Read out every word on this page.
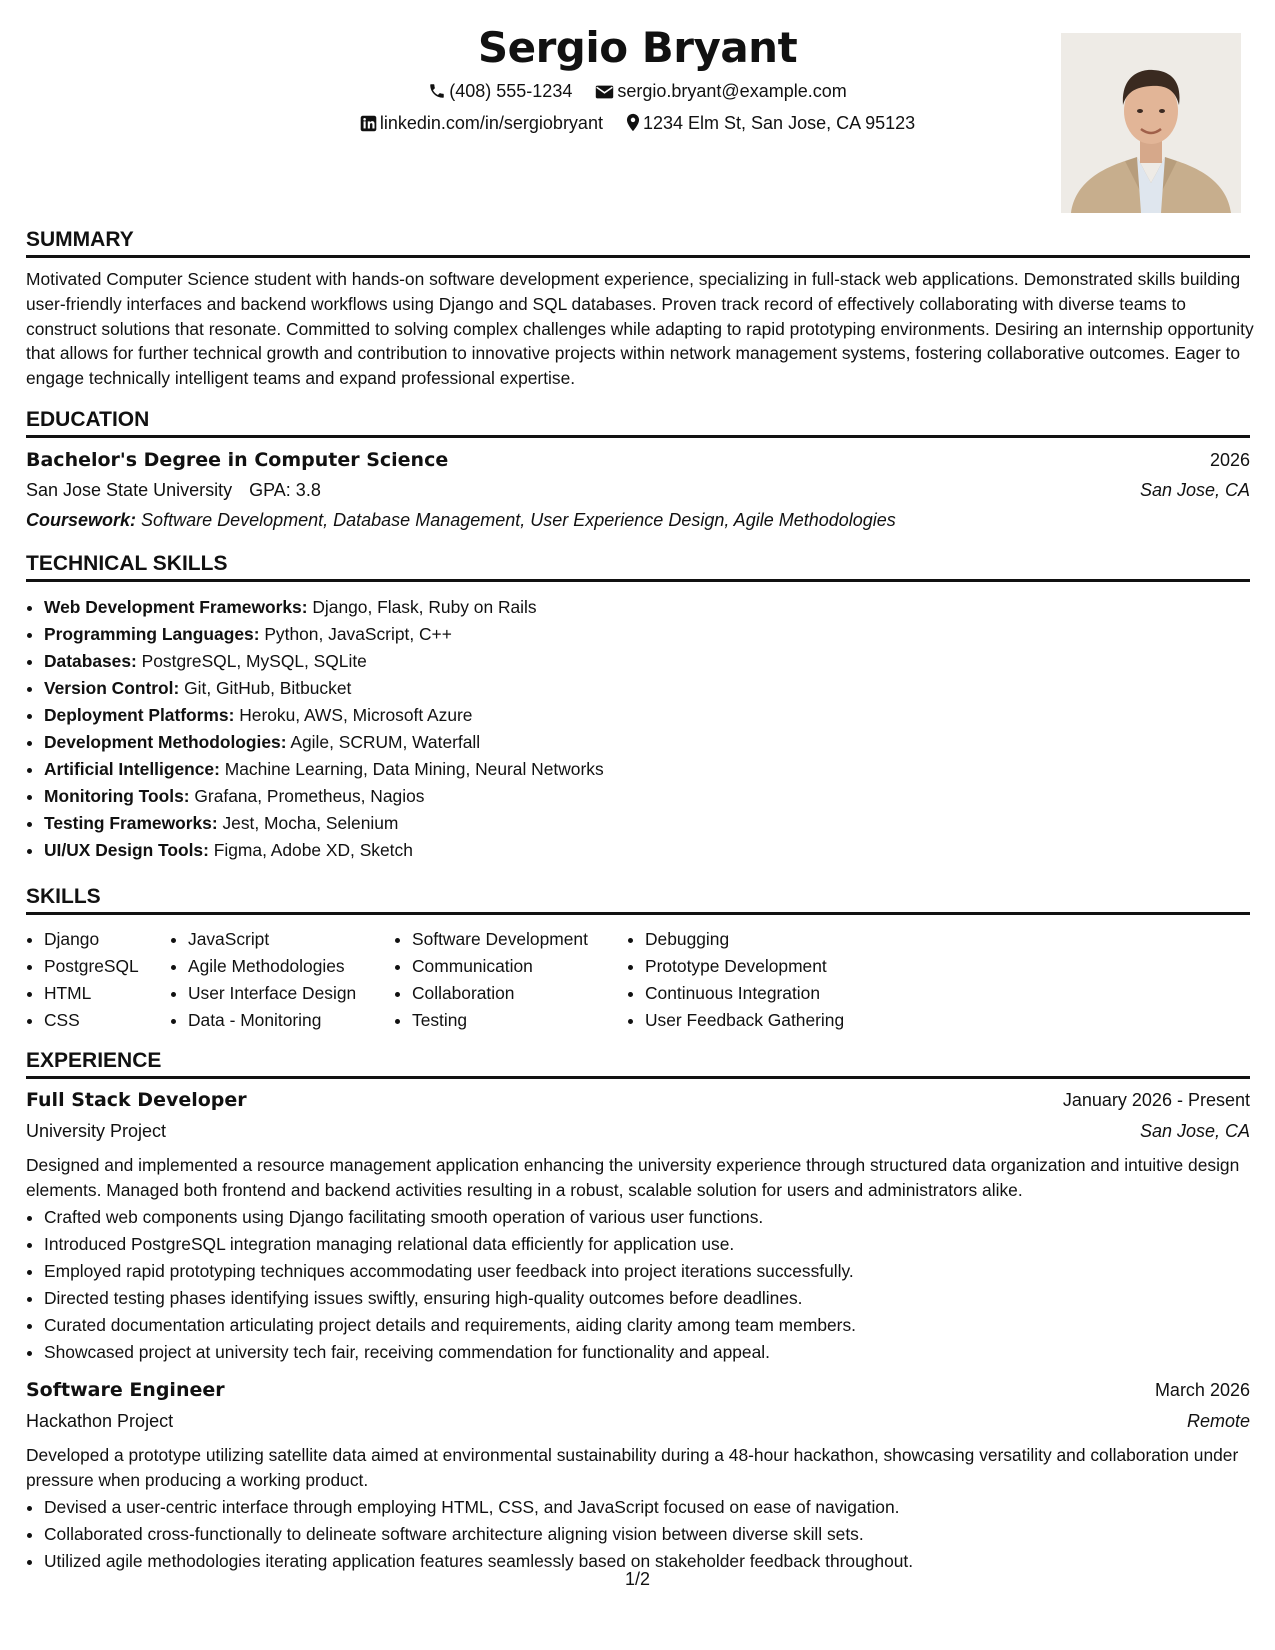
Sergio Bryant
(408) 555-1234	sergio.bryant@example.com
linkedin.com/in/sergiobryant 1234 Elm St, San Jose, CA 95123
SUMMARY

Motivated Computer Science student with hands-on software development experience, specializing in full-stack web applications. Demonstrated skills building user-friendly interfaces and backend workflows using Django and SQL databases. Proven track record of effectively collaborating with diverse teams to construct solutions that resonate. Committed to solving complex challenges while adapting to rapid prototyping environments. Desiring an internship opportunity that allows for further technical growth and contribution to innovative projects within network management systems, fostering collaborative outcomes. Eager to engage technically intelligent teams and expand professional expertise.

EDUCATION
Bachelor's Degree in Computer Science	2026
San Jose State University GPA: 3.8	San Jose, CA
Coursework: Software Development, Database Management, User Experience Design, Agile Methodologies
TECHNICAL SKILLS
• Web Development Frameworks: Django, Flask, Ruby on Rails
• Programming Languages: Python, JavaScript, C++
• Databases: PostgreSQL, MySQL, SQLite
• Version Control: Git, GitHub, Bitbucket
• Deployment Platforms: Heroku, AWS, Microsoft Azure
• Development Methodologies: Agile, SCRUM, Waterfall
• Artificial Intelligence: Machine Learning, Data Mining, Neural Networks
• Monitoring Tools: Grafana, Prometheus, Nagios
• Testing Frameworks: Jest, Mocha, Selenium
• UI/UX Design Tools: Figma, Adobe XD, Sketch
SKILLS
• Django
• PostgreSQL
• HTML
• CSS
• JavaScript
• Agile Methodologies
• User Interface Design
• Data - Monitoring
• Software Development
• Communication
• Collaboration
• Testing
• Debugging
• Prototype Development
• Continuous Integration
• User Feedback Gathering
EXPERIENCE
Full Stack Developer	January 2026 - Present
University Project	San Jose, CA

Designed and implemented a resource management application enhancing the university experience through structured data organization and intuitive design elements. Managed both frontend and backend activities resulting in a robust, scalable solution for users and administrators alike.

• Crafted web components using Django facilitating smooth operation of various user functions.
• Introduced PostgreSQL integration managing relational data efficiently for application use.
• Employed rapid prototyping techniques accommodating user feedback into project iterations successfully.
• Directed testing phases identifying issues swiftly, ensuring high-quality outcomes before deadlines.
• Curated documentation articulating project details and requirements, aiding clarity among team members.
• Showcased project at university tech fair, receiving commendation for functionality and appeal.
Software Engineer	March 2026
Hackathon Project	Remote

Developed a prototype utilizing satellite data aimed at environmental sustainability during a 48-hour hackathon, showcasing versatility and collaboration under pressure when producing a working product.

• Devised a user-centric interface through employing HTML, CSS, and JavaScript focused on ease of navigation.
• Collaborated cross-functionally to delineate software architecture aligning vision between diverse skill sets.
• Utilized agile methodologies iterating application features seamlessly based on stakeholder feedback throughout.
1/2
